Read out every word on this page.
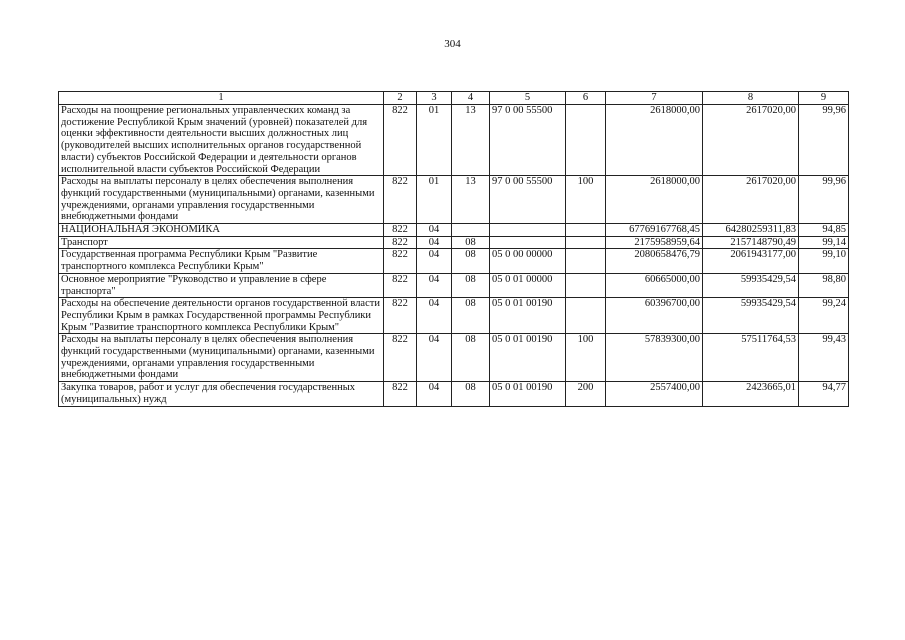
304
1	2	3	4	5	6	7	8	9
Расходы на поощрение региональных управленческих команд за достижение Республикой Крым значений (уровней) показателей для оценки эффективности деятельности высших должностных лиц (руководителей высших исполнительных органов государственной власти) субъектов Российской Федерации и деятельности органов исполнительной власти субъектов Российской Федерации	822	01	13	97 0 00 55500		2618000,00	2617020,00	99,96
Расходы на выплаты персоналу в целях обеспечения выполнения функций государственными (муниципальными) органами, казенными учреждениями, органами управления государственными внебюджетными фондами	822	01	13	97 0 00 55500	100	2618000,00	2617020,00	99,96
НАЦИОНАЛЬНАЯ ЭКОНОМИКА	822	04				67769167768,45	64280259311,83	94,85
Транспорт	822	04	08			2175958959,64	2157148790,49	99,14
Государственная программа Республики Крым "Развитие транспортного комплекса Республики Крым"	822	04	08	05 0 00 00000		2080658476,79	2061943177,00	99,10
Основное мероприятие "Руководство и управление в сфере транспорта"	822	04	08	05 0 01 00000		60665000,00	59935429,54	98,80
Расходы на обеспечение деятельности органов государственной власти Республики Крым в рамках Государственной программы Республики Крым "Развитие транспортного комплекса Республики Крым"	822	04	08	05 0 01 00190		60396700,00	59935429,54	99,24
Расходы на выплаты персоналу в целях обеспечения выполнения функций государственными (муниципальными) органами, казенными учреждениями, органами управления государственными внебюджетными фондами	822	04	08	05 0 01 00190	100	57839300,00	57511764,53	99,43
Закупка товаров, работ и услуг для обеспечения государственных (муниципальных) нужд	822	04	08	05 0 01 00190	200	2557400,00	2423665,01	94,77
